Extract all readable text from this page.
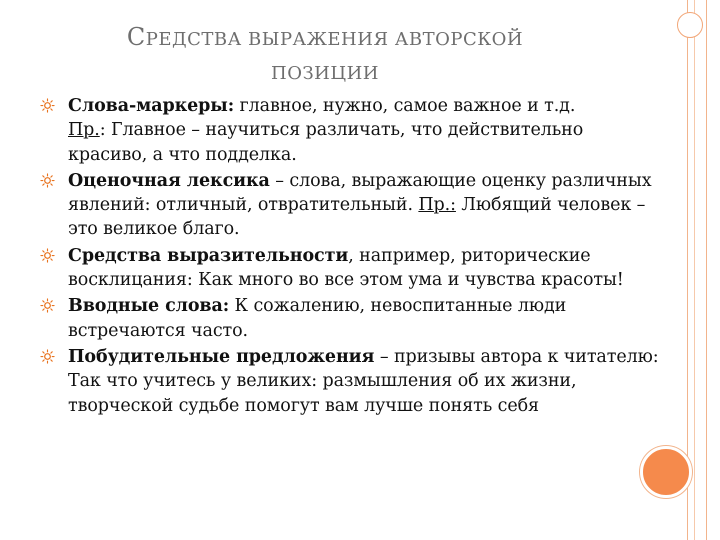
СРЕДСТВА ВЫРАЖЕНИЯ АВТОРСКОЙ
ПОЗИЦИИ
Слова-маркеры: главное, нужно, самое важное и т.д.
Пр.: Главное – научиться различать, что действительно красиво, а что подделка.
Оценочная лексика – слова, выражающие оценку различных явлений: отличный, отвратительный. Пр.: Любящий человек – это великое благо.
Средства выразительности, например, риторические восклицания: Как много во все этом ума и чувства красоты!
Вводные слова: К сожалению, невоспитанные люди встречаются часто.
Побудительные предложения – призывы автора к читателю: Так что учитесь у великих: размышления об их жизни, творческой судьбе помогут вам лучше понять себя
